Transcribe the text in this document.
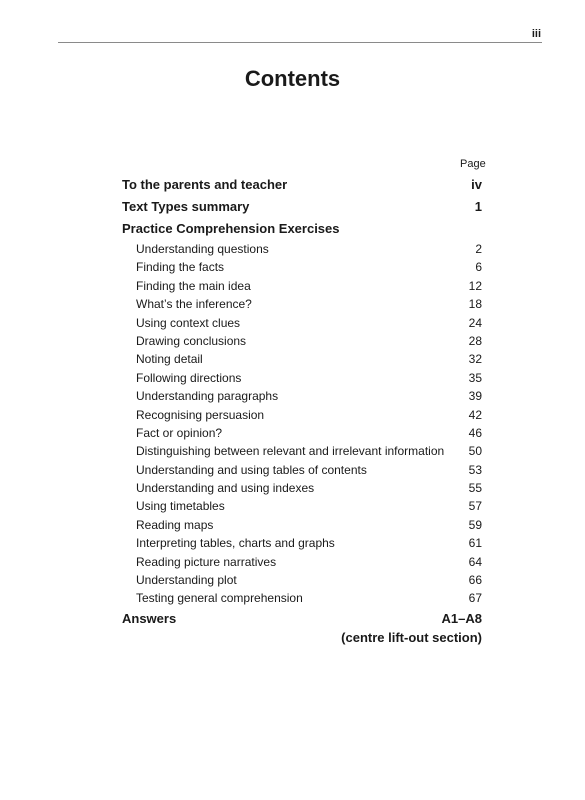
iii
Contents
Page
To the parents and teacher	iv
Text Types summary	1
Practice Comprehension Exercises
Understanding questions	2
Finding the facts	6
Finding the main idea	12
What’s the inference?	18
Using context clues	24
Drawing conclusions	28
Noting detail	32
Following directions	35
Understanding paragraphs	39
Recognising persuasion	42
Fact or opinion?	46
Distinguishing between relevant and irrelevant information	50
Understanding and using tables of contents	53
Understanding and using indexes	55
Using timetables	57
Reading maps	59
Interpreting tables, charts and graphs	61
Reading picture narratives	64
Understanding plot	66
Testing general comprehension	67
Answers	A1–A8
(centre lift-out section)
